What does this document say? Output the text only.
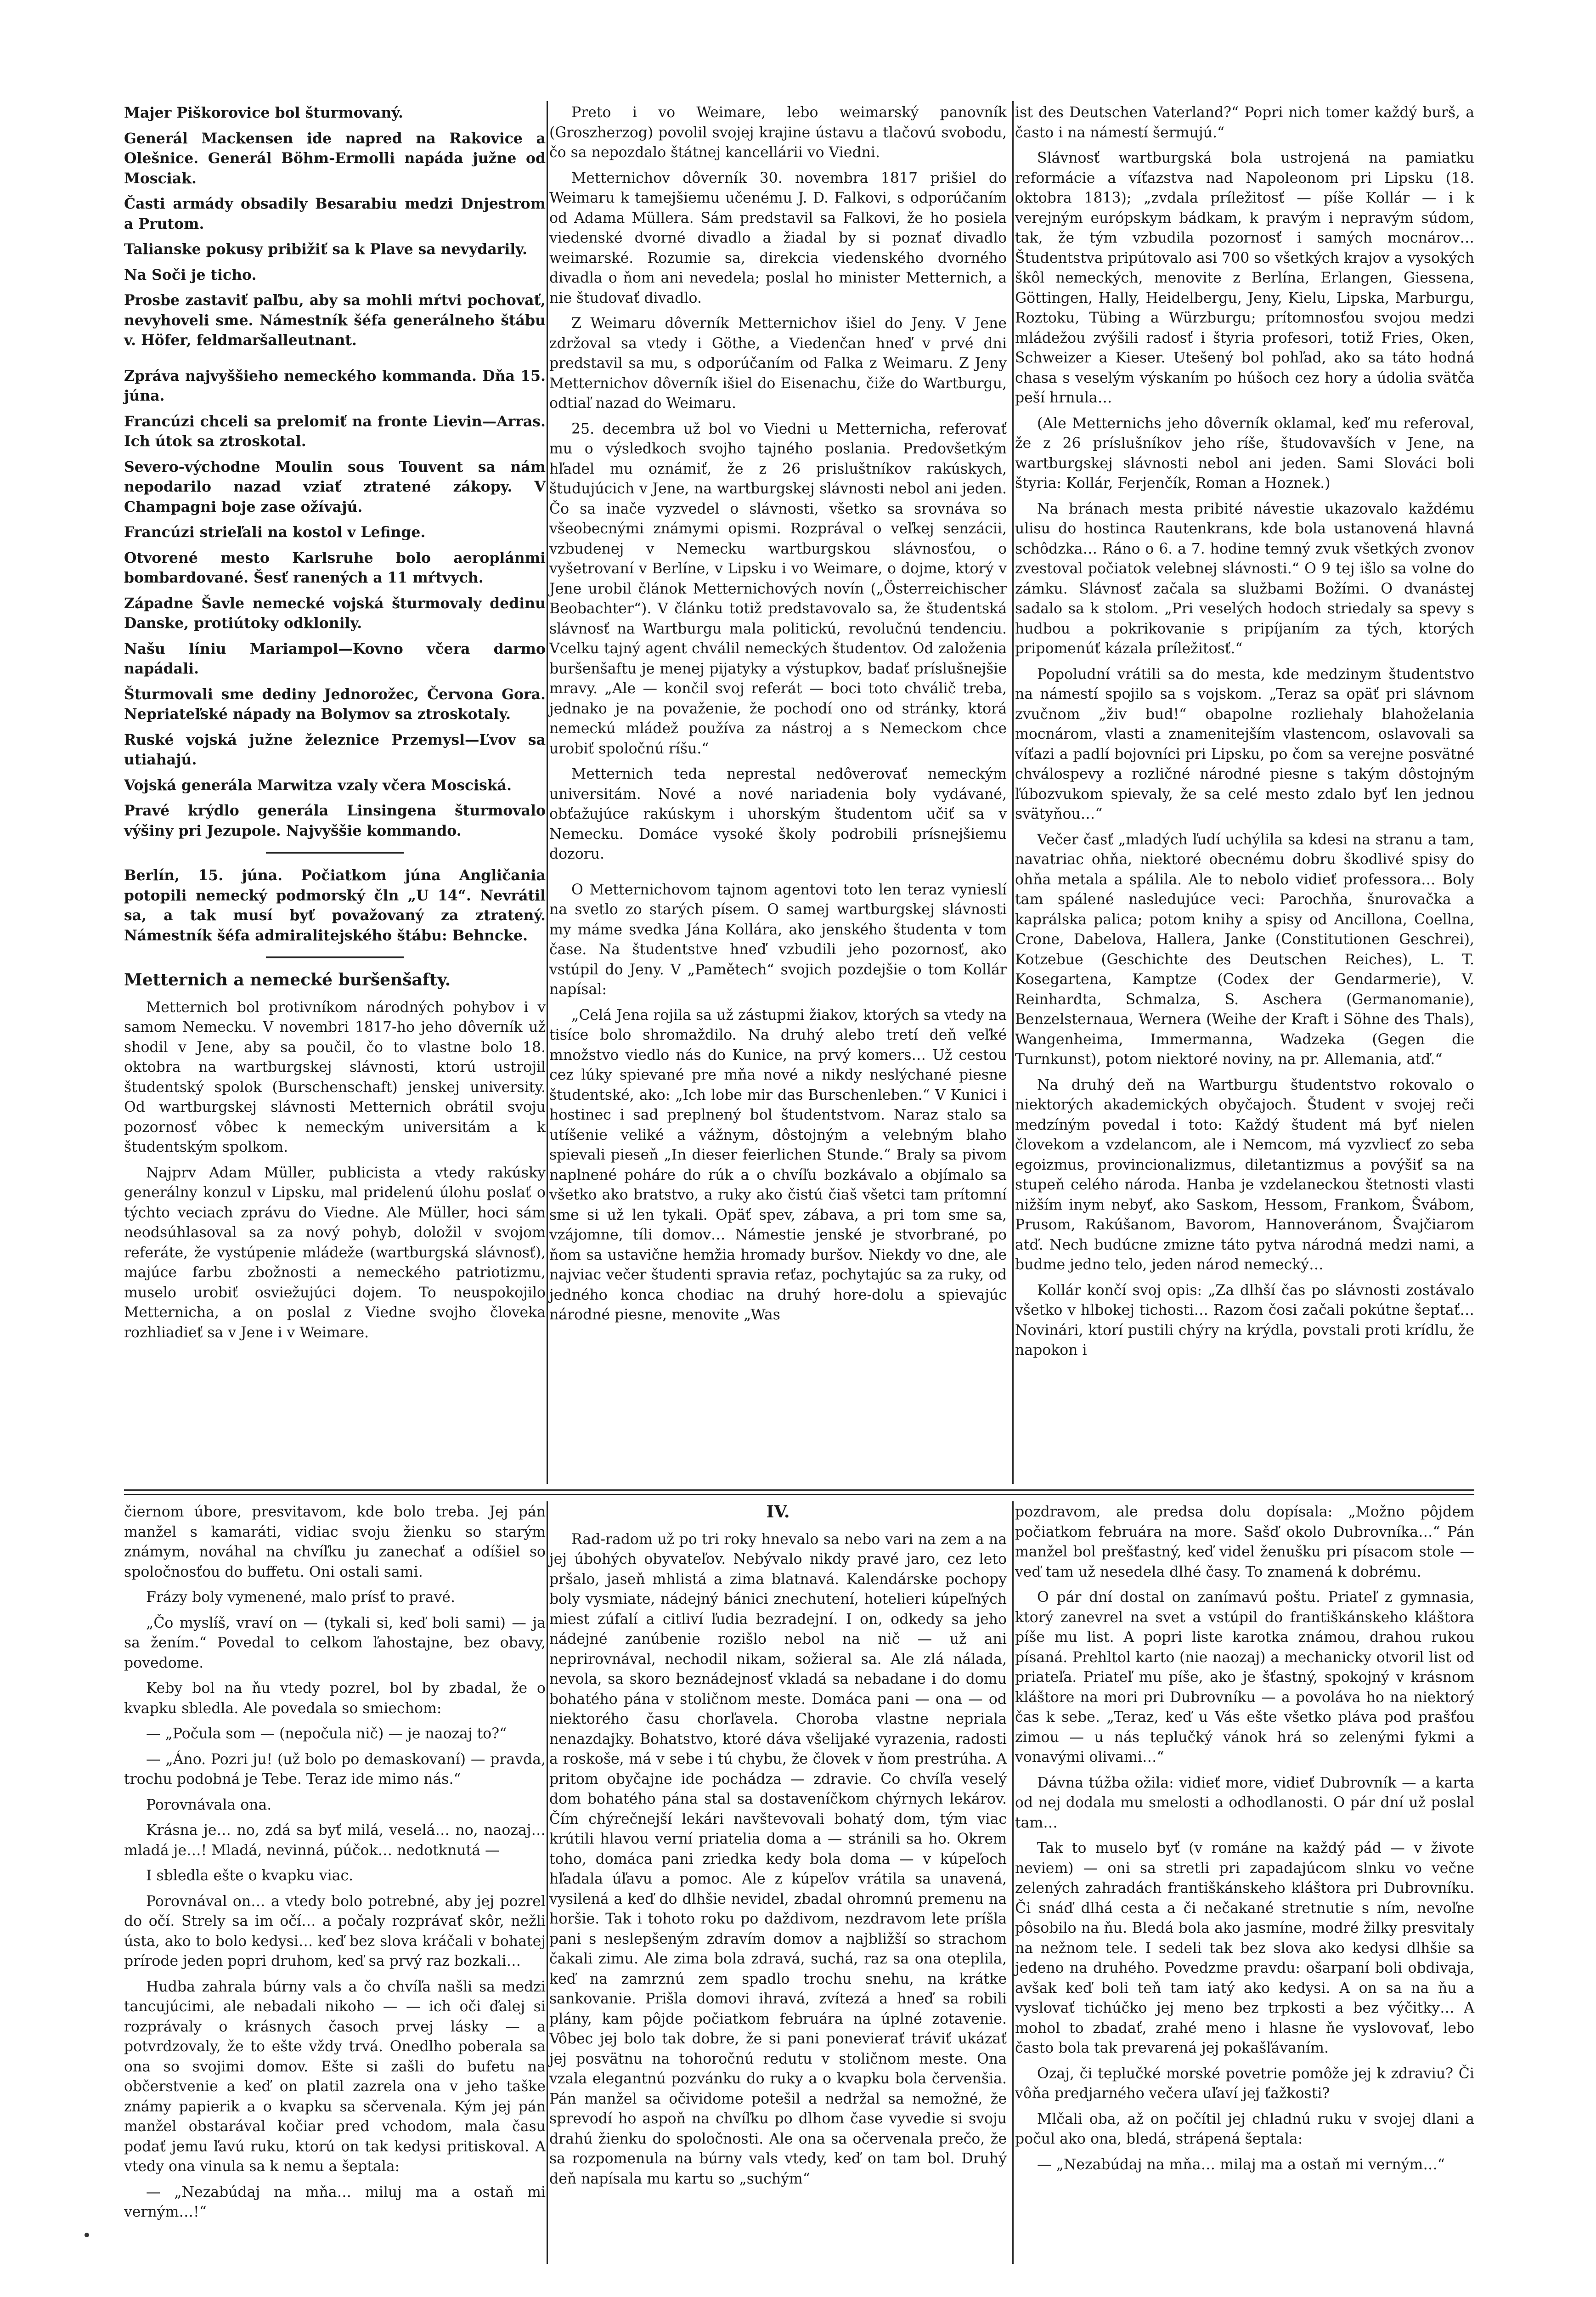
Majer Piškorovice bol šturmovaný.

Generál Mackensen ide napred na Rakovice a Olešnice. Generál Böhm-Ermolli napáda južne od Mosciak.

Časti armády obsadily Besarabiu medzi Dnjestrom a Prutom.

Talianske pokusy pribižiť sa k Plave sa nevydarily.

Na Soči je ticho.

Prosbe zastaviť paľbu, aby sa mohli mŕtvi pochovať, nevyhoveli sme. Námestník šéfa generálneho štábu v. Höfer, feldmaršalleutnant.

Zpráva najvyššieho nemeckého kommanda. Dňa 15. júna.

Francúzi chceli sa prelomiť na fronte Lievin—Arras. Ich útok sa ztroskotal.

Severo-východne Moulin sous Touvent sa nám nepodarilo nazad vziať ztratené zákopy. V Champagni boje zase ožívajú.

Francúzi strieľali na kostol v Lefinge.

Otvorené mesto Karlsruhe bolo aeroplánmi bombardované. Šesť ranených a 11 mŕtvych.

Západne Šavle nemecké vojská šturmovaly dedinu Danske, protiútoky odklonily.

Našu líniu Mariampol—Kovno včera darmo napádali.

Šturmovali sme dediny Jednorožec, Červona Gora. Nepriateľské nápady na Bolymov sa ztroskotaly.

Ruské vojská južne železnice Przemysl—Ľvov sa utiahajú.

Vojská generála Marwitza vzaly včera Mosciská.

Pravé krýdlo generála Linsingena šturmovalo výšiny pri Jezupole. Najvyššie kommando.

Berlín, 15. júna. Počiatkom júna Angličania potopili nemecký podmorský čln „U 14“. Nevrátil sa, a tak musí byť považovaný za ztratený. Námestník šéfa admiralitejského štábu: Behncke.

Metternich a nemecké buršenšafty.

Metternich bol protivníkom národných pohybov i v samom Nemecku. V novembri 1817-ho jeho dôverník už shodil v Jene, aby sa poučil, čo to vlastne bolo 18. oktobra na wartburgskej slávnosti, ktorú ustrojil študentský spolok (Burschenschaft) jenskej university. Od wartburgskej slávnosti Metternich obrátil svoju pozornosť vôbec k nemeckým universitám a k študentským spolkom.

Najprv Adam Müller, publicista a vtedy rakúsky generálny konzul v Lipsku, mal pridelenú úlohu poslať o týchto veciach zprávu do Viedne. Ale Müller, hoci sám neodsúhlasoval sa za nový pohyb, doložil v svojom referáte, že vystúpenie mládeže (wartburgská slávnosť), majúce farbu zbožnosti a nemeckého patriotizmu, muselo urobiť osviežujúci dojem. To neuspokojilo Metternicha, a on poslal z Viedne svojho človeka rozhliadieť sa v Jene i v Weimare.

Preto i vo Weimare, lebo weimarský panovník (Groszherzog) povolil svojej krajine ústavu a tlačovú svobodu, čo sa nepozdalo štátnej kancellárii vo Viedni.

Metternichov dôverník 30. novembra 1817 prišiel do Weimaru k tamejšiemu učenému J. D. Falkovi, s odporúčaním od Adama Müllera. Sám predstavil sa Falkovi, že ho posiela viedenské dvorné divadlo a žiadal by si poznať divadlo weimarské. Rozumie sa, direkcia viedenského dvorného divadla o ňom ani nevedela; poslal ho minister Metternich, a nie študovať divadlo.

Z Weimaru dôverník Metternichov išiel do Jeny. V Jene zdržoval sa vtedy i Göthe, a Viedenčan hneď v prvé dni predstavil sa mu, s odporúčaním od Falka z Weimaru. Z Jeny Metternichov dôverník išiel do Eisenachu, čiže do Wartburgu, odtiaľ nazad do Weimaru.

25. decembra už bol vo Viedni u Metternicha, referovať mu o výsledkoch svojho tajného poslania. Predovšetkým hľadel mu oznámiť, že z 26 prisluštníkov rakúskych, študujúcich v Jene, na wartburgskej slávnosti nebol ani jeden. Čo sa inače vyzvedel o slávnosti, všetko sa srovnáva so všeobecnými známymi opismi. Rozprával o veľkej senzácii, vzbudenej v Nemecku wartburgskou slávnosťou, o vyšetrovaní v Berlíne, v Lipsku i vo Weimare, o dojme, ktorý v Jene urobil článok Metternichových novín („Österreichischer Beobachter“). V článku totiž predstavovalo sa, že študentská slávnosť na Wartburgu mala politickú, revolučnú tendenciu. Vcelku tajný agent chválil nemeckých študentov. Od založenia buršenšaftu je menej pijatyky a výstupkov, badať príslušnejšie mravy. „Ale — končil svoj referát — boci toto chválič treba, jednako je na považenie, že pochodí ono od stránky, ktorá nemeckú mládež používa za nástroj a s Nemeckom chce urobiť spoločnú ríšu.“

Metternich teda neprestal nedôverovať nemeckým universitám. Nové a nové nariadenia boly vydávané, obťažujúce rakúskym i uhorským študentom učiť sa v Nemecku. Domáce vysoké školy podrobili prísnejšiemu dozoru.

O Metternichovom tajnom agentovi toto len teraz vynieslí na svetlo zo starých písem. O samej wartburgskej slávnosti my máme svedka Jána Kollára, ako jenského študenta v tom čase. Na študentstve hneď vzbudili jeho pozornosť, ako vstúpil do Jeny. V „Pamětech“ svojich pozdejšie o tom Kollár napísal:

„Celá Jena rojila sa už zástupmi žiakov, ktorých sa vtedy na tisíce bolo shromaždilo. Na druhý alebo tretí deň veľké množstvo viedlo nás do Kunice, na prvý komers… Už cestou cez lúky spievané pre mňa nové a nikdy neslýchané piesne študentské, ako: „Ich lobe mir das Burschenleben.“ V Kunici i hostinec i sad preplnený bol študentstvom. Naraz stalo sa utíšenie veliké a vážnym, dôstojným a velebným blaho spievali pieseň „In dieser feierlichen Stunde.“ Braly sa pivom naplnené poháre do rúk a o chvíľu bozkávalo a objímalo sa všetko ako bratstvo, a ruky ako čistú čiaš všetci tam prítomní sme si už len tykali. Opäť spev, zábava, a pri tom sme sa, vzájomne, tíli domov… Námestie jenské je stvorbrané, po ňom sa ustavične hemžia hromady buršov. Niekdy vo dne, ale najviac večer študenti spravia reťaz, pochytajúc sa za ruky, od jedného konca chodiac na druhý hore-dolu a spievajúc národné piesne, menovite „Was

ist des Deutschen Vaterland?“ Popri nich tomer každý burš, a často i na námestí šermujú.“

Slávnosť wartburgská bola ustrojená na pamiatku reformácie a víťazstva nad Napoleonom pri Lipsku (18. oktobra 1813); „zvdala príležitosť — píše Kollár — i k verejným európskym bádkam, k pravým i nepravým súdom, tak, že tým vzbudila pozornosť i samých mocnárov… Študentstva pripútovalo asi 700 so všetkých krajov a vysokých škôl nemeckých, menovite z Berlína, Erlangen, Giessena, Göttingen, Hally, Heidelbergu, Jeny, Kielu, Lipska, Marburgu, Roztoku, Tübing a Würzburgu; prítomnosťou svojou medzi mládežou zvýšili radosť i štyria profesori, totiž Fries, Oken, Schweizer a Kieser. Utešený bol pohľad, ako sa táto hodná chasa s veselým výskaním po húšoch cez hory a údolia svätča peší hrnula…

(Ale Metternichs jeho dôverník oklamal, keď mu referoval, že z 26 príslušníkov jeho ríše, študovavších v Jene, na wartburgskej slávnosti nebol ani jeden. Sami Slováci boli štyria: Kollár, Ferjenčík, Roman a Hoznek.)

Na bránach mesta pribité návestie ukazovalo každému ulisu do hostinca Rautenkrans, kde bola ustanovená hlavná schôdzka… Ráno o 6. a 7. hodine temný zvuk všetkých zvonov zvestoval počiatok velebnej slávnosti.“ O 9 tej išlo sa volne do zámku. Slávnosť začala sa službami Božími. O dvanástej sadalo sa k stolom. „Pri veselých hodoch striedaly sa spevy s hudbou a pokrikovanie s pripíjaním za tých, ktorých pripomenúť kázala príležitosť.“

Popoludní vrátili sa do mesta, kde medzinym študentstvo na námestí spojilo sa s vojskom. „Teraz sa opäť pri slávnom zvučnom „živ bud!“ obapolne rozliehaly blahoželania mocnárom, vlasti a znamenitejším vlastencom, oslavovali sa víťazi a padlí bojovníci pri Lipsku, po čom sa verejne posvätné chválospevy a rozličné národné piesne s takým dôstojným ľúbozvukom spievaly, že sa celé mesto zdalo byť len jednou svätyňou…“

Večer časť „mladých ľudí uchýlila sa kdesi na stranu a tam, navatriac ohňa, niektoré obecnému dobru škodlivé spisy do ohňa metala a spálila. Ale to nebolo vidieť professora… Boly tam spálené nasledujúce veci: Parochňa, šnurovačka a kaprálska palica; potom knihy a spisy od Ancillona, Coellna, Crone, Dabelova, Hallera, Janke (Constitutionen Geschrei), Kotzebue (Geschichte des Deutschen Reiches), L. T. Kosegartena, Kamptze (Codex der Gendarmerie), V. Reinhardta, Schmalza, S. Aschera (Germanomanie), Benzelsternaua, Wernera (Weihe der Kraft i Söhne des Thals), Wangenheima, Immermanna, Wadzeka (Gegen die Turnkunst), potom niektoré noviny, na pr. Allemania, atď.“

Na druhý deň na Wartburgu študentstvo rokovalo o niektorých akademických obyčajoch. Študent v svojej reči medzíným povedal i toto: Každý študent má byť nielen človekom a vzdelancom, ale i Nemcom, má vyzvliecť zo seba egoizmus, provincionalizmus, diletantizmus a povýšiť sa na stupeň celého národa. Hanba je vzdelaneckou štetnosti vlasti nižším inym nebyť, ako Saskom, Hessom, Frankom, Švábom, Prusom, Rakúšanom, Bavorom, Hannoveránom, Švajčiarom atď. Nech budúcne zmizne táto pytva národná medzi nami, a budme jedno telo, jeden národ nemecký…

Kollár končí svoj opis: „Za dlhší čas po slávnosti zostávalo všetko v hlbokej tichosti… Razom čosi začali pokútne šeptať… Novinári, ktorí pustili chýry na krýdla, povstali proti krídlu, že napokon i

čiernom úbore, presvitavom, kde bolo treba. Jej pán manžel s kamaráti, vidiac svoju žienku so starým známym, nováhal na chvíľku ju zanechať a odíšiel so spoločnosťou do buffetu. Oni ostali sami.

Frázy boly vymenené, malo prísť to pravé.

„Čo myslíš, vraví on — (tykali si, keď boli sami) — ja sa žením.“ Povedal to celkom ľahostajne, bez obavy, povedome.

Keby bol na ňu vtedy pozrel, bol by zbadal, že o kvapku sbledla. Ale povedala so smiechom:

— „Počula som — (nepočula nič) — je naozaj to?“

— „Áno. Pozri ju! (už bolo po demaskovaní) — pravda, trochu podobná je Tebe. Teraz ide mimo nás.“

Porovnávala ona.

Krásna je… no, zdá sa byť milá, veselá… no, naozaj… mladá je…! Mladá, nevinná, púčok… nedotknutá —

I sbledla ešte o kvapku viac.

Porovnával on… a vtedy bolo potrebné, aby jej pozrel do očí. Strely sa im očí… a počaly rozprávať skôr, nežli ústa, ako to bolo kedysi… keď bez slova kráčali v bohatej prírode jeden popri druhom, keď sa prvý raz bozkali…

Hudba zahrala búrny vals a čo chvíľa našli sa medzi tancujúcimi, ale nebadali nikoho — — ich oči ďalej si rozprávaly o krásnych časoch prvej lásky — a potvrdzovaly, že to ešte vždy trvá. Onedlho poberala sa ona so svojimi domov. Ešte si zašli do bufetu na občerstvenie a keď on platil zazrela ona v jeho taške známy papierik a o kvapku sa sčervenala. Kým jej pán manžel obstarával kočiar pred vchodom, mala času podať jemu ľavú ruku, ktorú on tak kedysi pritiskoval. A vtedy ona vinula sa k nemu a šeptala:

— „Nezabúdaj na mňa… miluj ma a ostaň mi verným…!“

IV.

Rad-radom už po tri roky hnevalo sa nebo vari na zem a na jej úbohých obyvateľov. Nebývalo nikdy pravé jaro, cez leto pršalo, jaseň mhlistá a zima blatnavá. Kalendárske pochopy boly vysmiate, nádejný bánici znechutení, hotelieri kúpeľných miest zúfalí a citliví ľudia bezradejní. I on, odkedy sa jeho nádejné zanúbenie rozišlo nebol na nič — už ani neprirovnával, nechodil nikam, sožieral sa. Ale zlá nálada, nevola, sa skoro beznádejnosť vkladá sa nebadane i do domu bohatého pána v stoličnom meste. Domáca pani — ona — od niektorého času chorľavela. Choroba vlastne nepriala nenazdajky. Bohatstvo, ktoré dáva všelijaké vyrazenia, radosti a roskoše, má v sebe i tú chybu, že človek v ňom prestrúha. A pritom obyčajne ide pochádza — zdravie. Co chvíľa veselý dom bohatého pána stal sa dostaveníčkom chýrnych lekárov. Čím chýrečnejší lekári navštevovali bohatý dom, tým viac krútili hlavou verní priatelia doma a — stránili sa ho. Okrem toho, domáca pani zriedka kedy bola doma — v kúpeľoch hľadala úľavu a pomoc. Ale z kúpeľov vrátila sa unavená, vysilená a keď do dlhšie nevidel, zbadal ohromnú premenu na horšie. Tak i tohoto roku po daždivom, nezdravom lete príšla pani s neslepšeným zdravím domov a najbližší so strachom čakali zimu. Ale zima bola zdravá, suchá, raz sa ona oteplila, keď na zamrznú zem spadlo trochu snehu, na krátke sankovanie. Prišla domovi ihravá, zvítezá a hneď sa robili plány, kam pôjde počiatkom februára na úplné zotavenie. Vôbec jej bolo tak dobre, že si pani ponevierať tráviť ukázať jej posvätnu na tohoročnú redutu v stoličnom meste. Ona vzala elegantnú pozvánku do ruky a o kvapku bola červenšia. Pán manžel sa očividome potešil a nedržal sa nemožné, že sprevodí ho aspoň na chvíľku po dlhom čase vyvedie si svoju drahú žienku do spoločnosti. Ale ona sa očervenala prečo, že sa rozpomenula na búrny vals vtedy, keď on tam bol. Druhý deň napísala mu kartu so „suchým“

pozdravom, ale predsa dolu dopísala: „Možno pôjdem počiatkom februára na more. Sašď okolo Dubrovníka…“ Pán manžel bol prešťastný, keď videl ženušku pri písacom stole — veď tam už nesedela dlhé časy. To znamená k dobrému.

O pár dní dostal on zanímavú poštu. Priateľ z gymnasia, ktorý zanevrel na svet a vstúpil do františkánskeho kláštora píše mu list. A popri liste karotka známou, drahou rukou písaná. Prehltol karto (nie naozaj) a mechanicky otvoril list od priateľa. Priateľ mu píše, ako je šťastný, spokojný v krásnom kláštore na mori pri Dubrovníku — a povoláva ho na niektorý čas k sebe. „Teraz, keď u Vás ešte všetko pláva pod prašťou zimou — u nás teplučký vánok hrá so zelenými fykmi a vonavými olivami…“

Dávna túžba ožila: vidieť more, vidieť Dubrovník — a karta od nej dodala mu smelosti a odhodlanosti. O pár dní už poslal tam…

Tak to muselo byť (v románe na každý pád — v živote neviem) — oni sa stretli pri zapadajúcom slnku vo večne zelených zahradách františkánskeho kláštora pri Dubrovníku. Či snáď dlhá cesta a či nečakané stretnutie s ním, nevoľne pôsobilo na ňu. Bledá bola ako jasmíne, modré žilky presvitaly na nežnom tele. I sedeli tak bez slova ako kedysi dlhšie sa jedeno na druhého. Povedzme pravdu: ošarpaní boli obdivaja, avšak keď boli teň tam iatý ako kedysi. A on sa na ňu a vyslovať tichúčko jej meno bez trpkosti a bez výčitky… A mohol to zbadať, zrahé meno i hlasne ňe vyslovovať, lebo často bola tak prevarená jej pokašľávaním.

Ozaj, či teplučké morské povetrie pomôže jej k zdraviu? Či vôňa predjarného večera uľaví jej ťažkosti?

Mlčali oba, až on počítil jej chladnú ruku v svojej dlani a počul ako ona, bledá, strápená šeptala:

— „Nezabúdaj na mňa… milaj ma a ostaň mi verným…“
